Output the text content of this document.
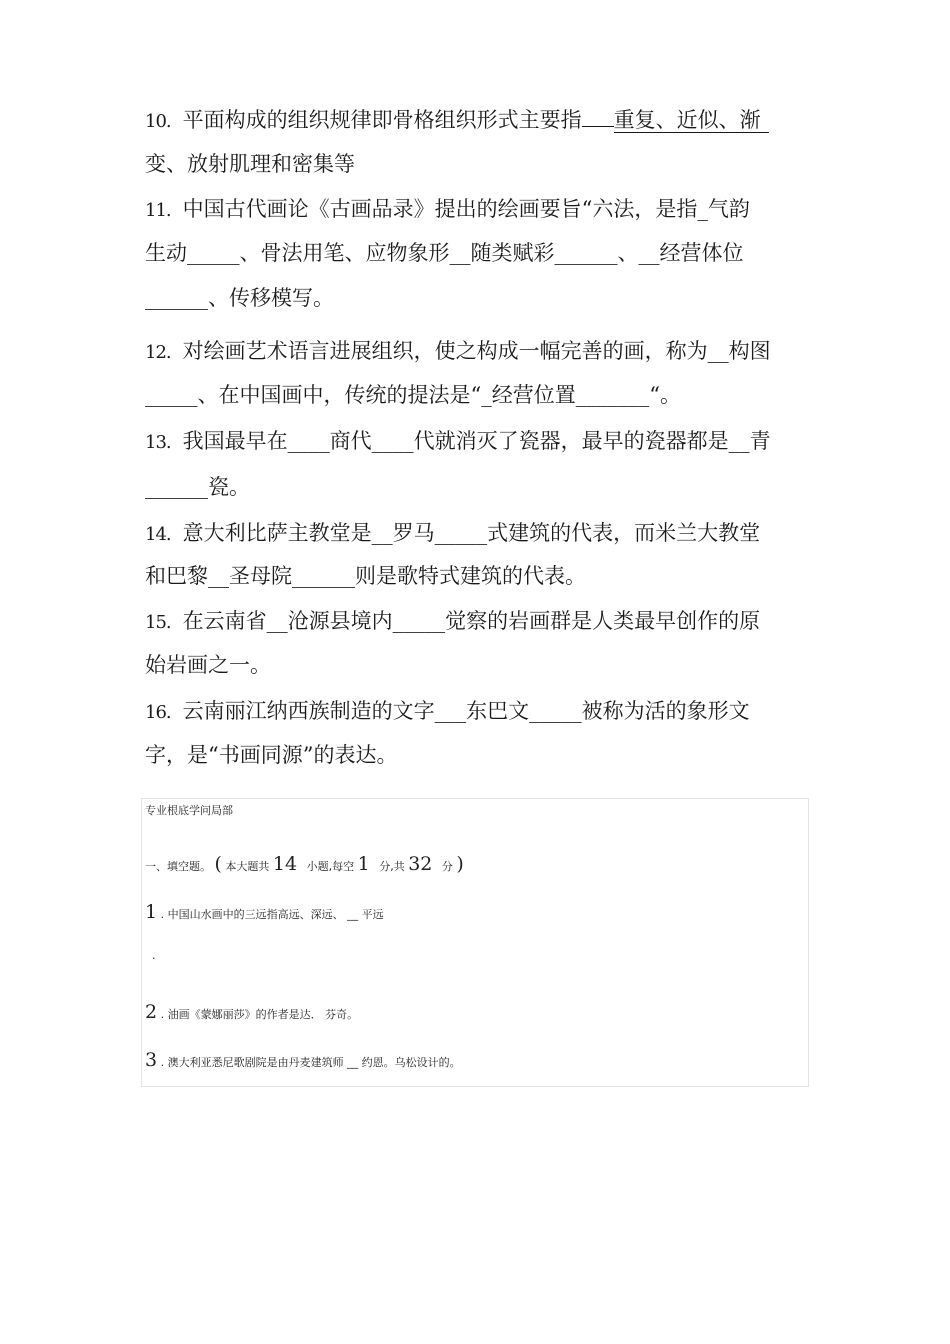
10. 平面构成的组织规律即骨格组织形式主要指 重复、近似、渐
变、放射肌理和密集等
11. 中国古代画论《古画品录》提出的绘画要旨“六法，是指_气韵
生动_____、骨法用笔、应物象形__随类赋彩______、__经营体位
______、传移模写。
12. 对绘画艺术语言进展组织，使之构成一幅完善的画，称为__构图
_____、在中国画中，传统的提法是“_经营位置_______“。
13. 我国最早在____商代____代就消灭了瓷器，最早的瓷器都是__青
______瓷。
14. 意大利比萨主教堂是__罗马_____式建筑的代表，而米兰大教堂
和巴黎__圣母院______则是歌特式建筑的代表。
15. 在云南省__沧源县境内_____觉察的岩画群是人类最早创作的原
始岩画之一。
16. 云南丽江纳西族制造的文字___东巴文_____被称为活的象形文
字，是“书画同源”的表达。
专业根底学问局部
一、填空题。 ( 本大题共 14 小题,每空 1 分,共 32 分 )
1 . 中国山水画中的三远指高远、深远、 __ 平远
.
2 . 油画《蒙娜丽莎》的作者是达． 芬奇。
3 . 澳大利亚悉尼歌剧院是由丹麦建筑师 __ 约恩。乌松设计的。
